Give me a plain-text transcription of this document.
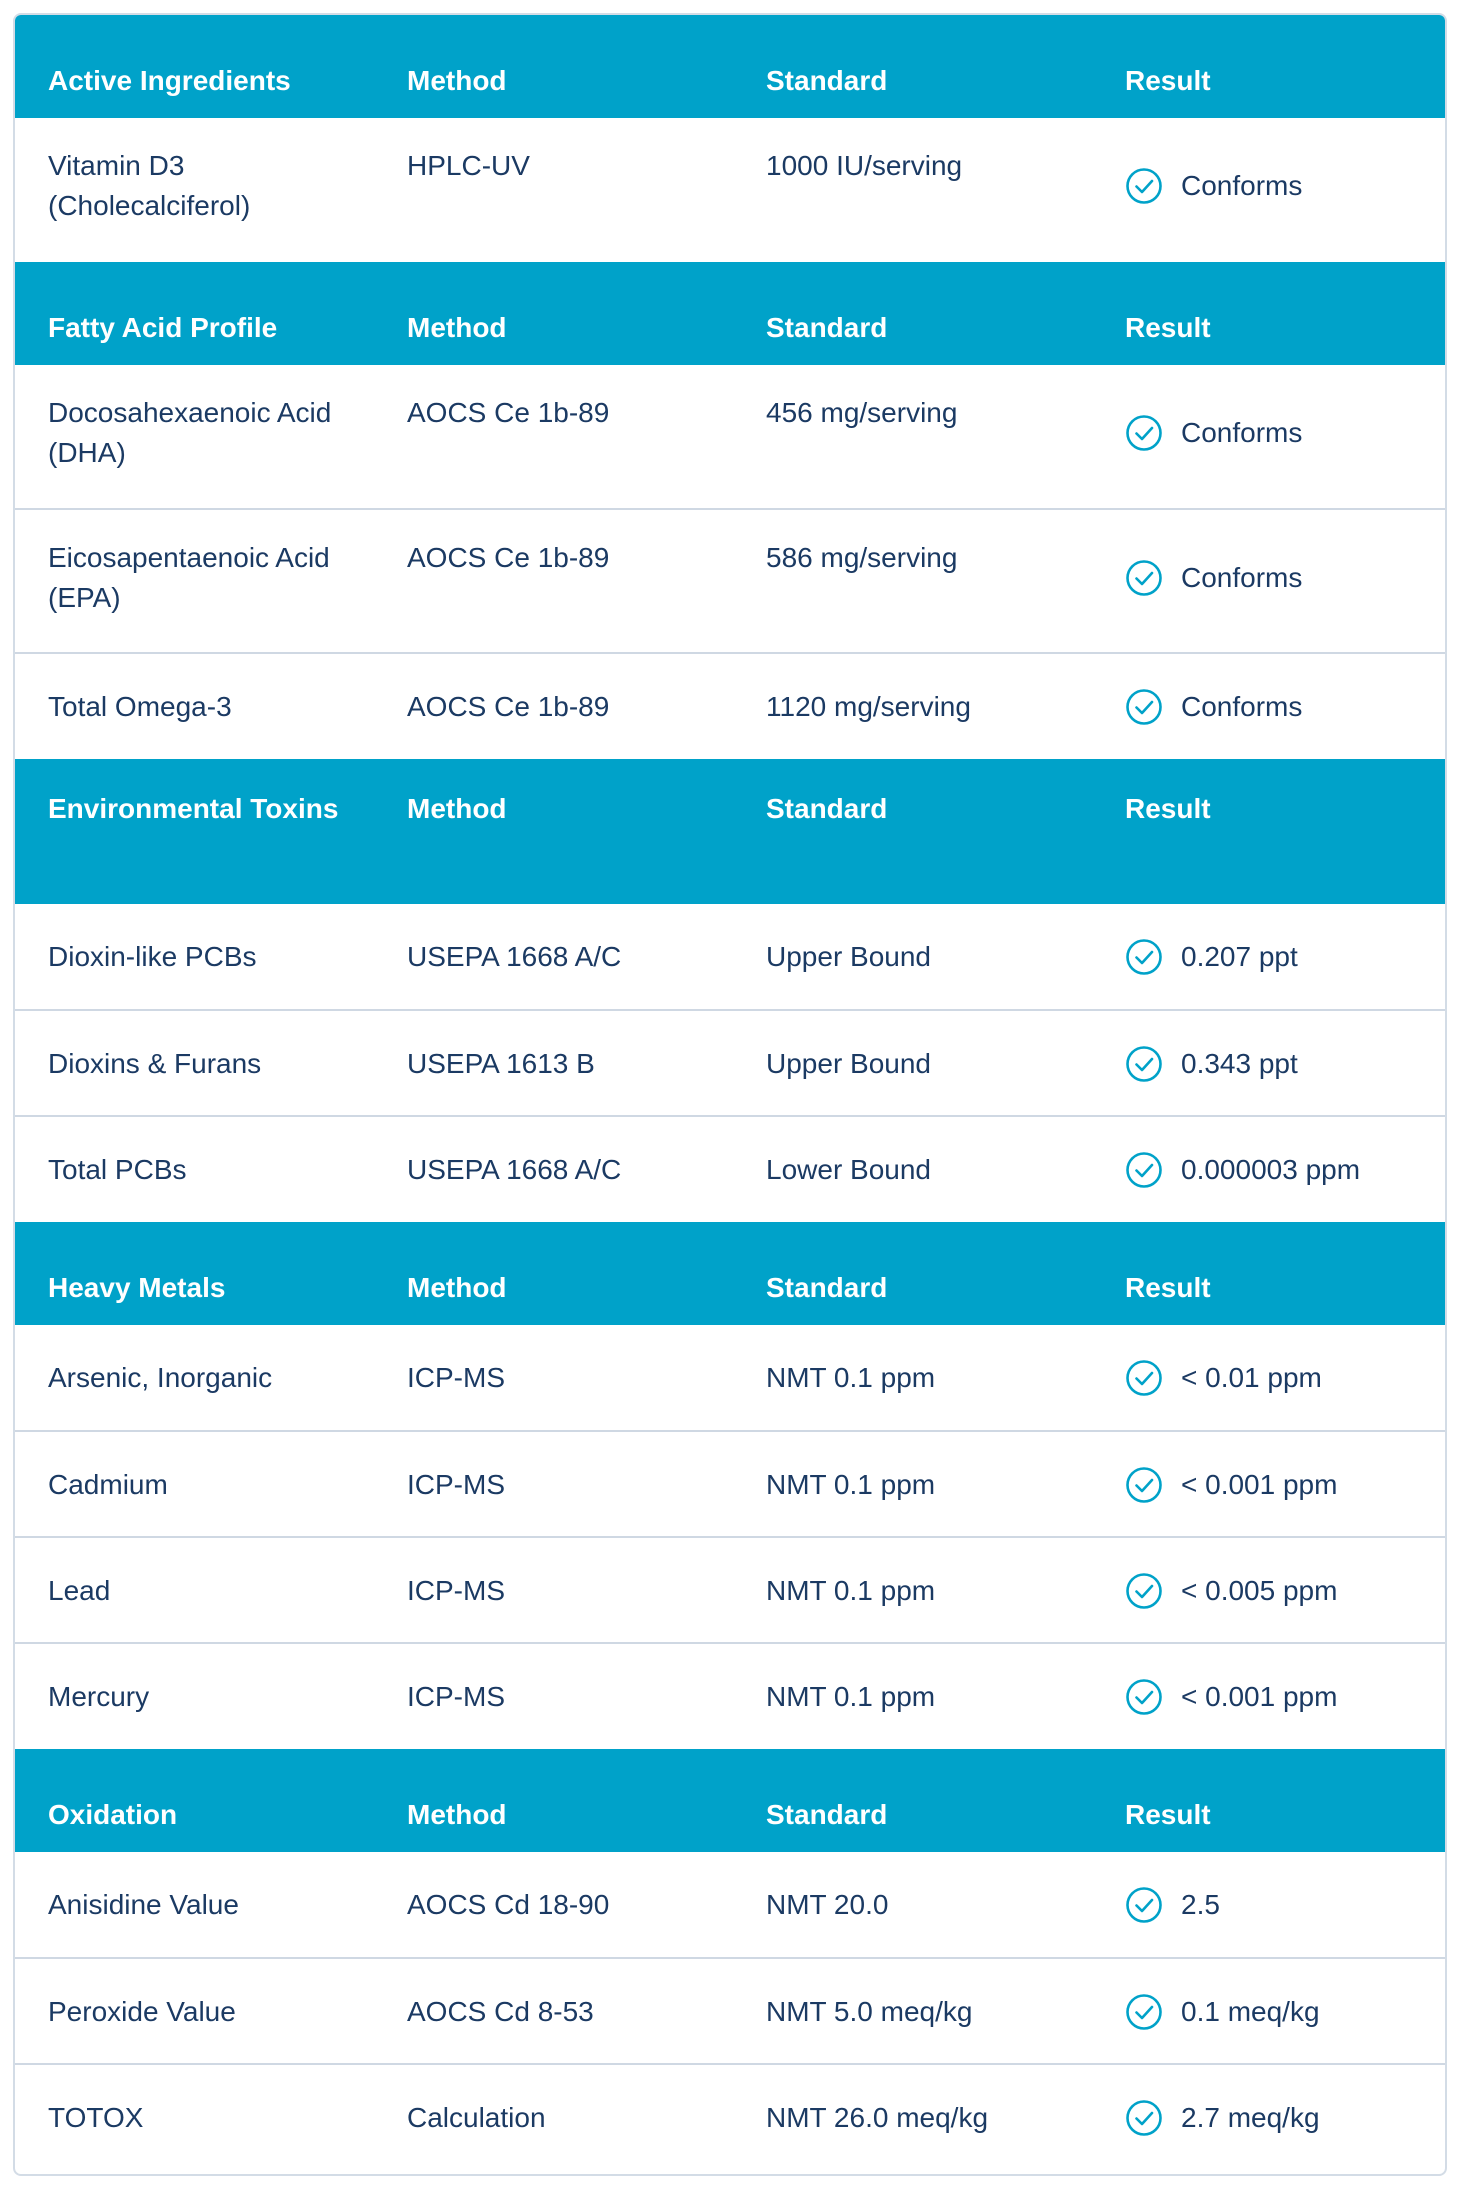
Active Ingredients	Method	Standard	Result
Vitamin D3 (Cholecalciferol)	HPLC-UV	1000 IU/serving	Conforms

Fatty Acid Profile	Method	Standard	Result
Docosahexaenoic Acid (DHA)	AOCS Ce 1b-89	456 mg/serving	Conforms

Eicosapentaenoic Acid (EPA)	AOCS Ce 1b-89	586 mg/serving	Conforms

Total Omega-3	AOCS Ce 1b-89	1120 mg/serving	Conforms

Environmental Toxins	Method	Standard	Result
Dioxin-like PCBs	USEPA 1668 A/C	Upper Bound	0.207 ppt

Dioxins & Furans	USEPA 1613 B	Upper Bound	0.343 ppt

Total PCBs	USEPA 1668 A/C	Lower Bound	0.000003 ppm

Heavy Metals	Method	Standard	Result
Arsenic, Inorganic	ICP-MS	NMT 0.1 ppm	< 0.01 ppm

Cadmium	ICP-MS	NMT 0.1 ppm	< 0.001 ppm

Lead	ICP-MS	NMT 0.1 ppm	< 0.005 ppm

Mercury	ICP-MS	NMT 0.1 ppm	< 0.001 ppm

Oxidation	Method	Standard	Result
Anisidine Value	AOCS Cd 18-90	NMT 20.0	2.5

Peroxide Value	AOCS Cd 8-53	NMT 5.0 meq/kg	0.1 meq/kg

TOTOX	Calculation	NMT 26.0 meq/kg	2.7 meq/kg
